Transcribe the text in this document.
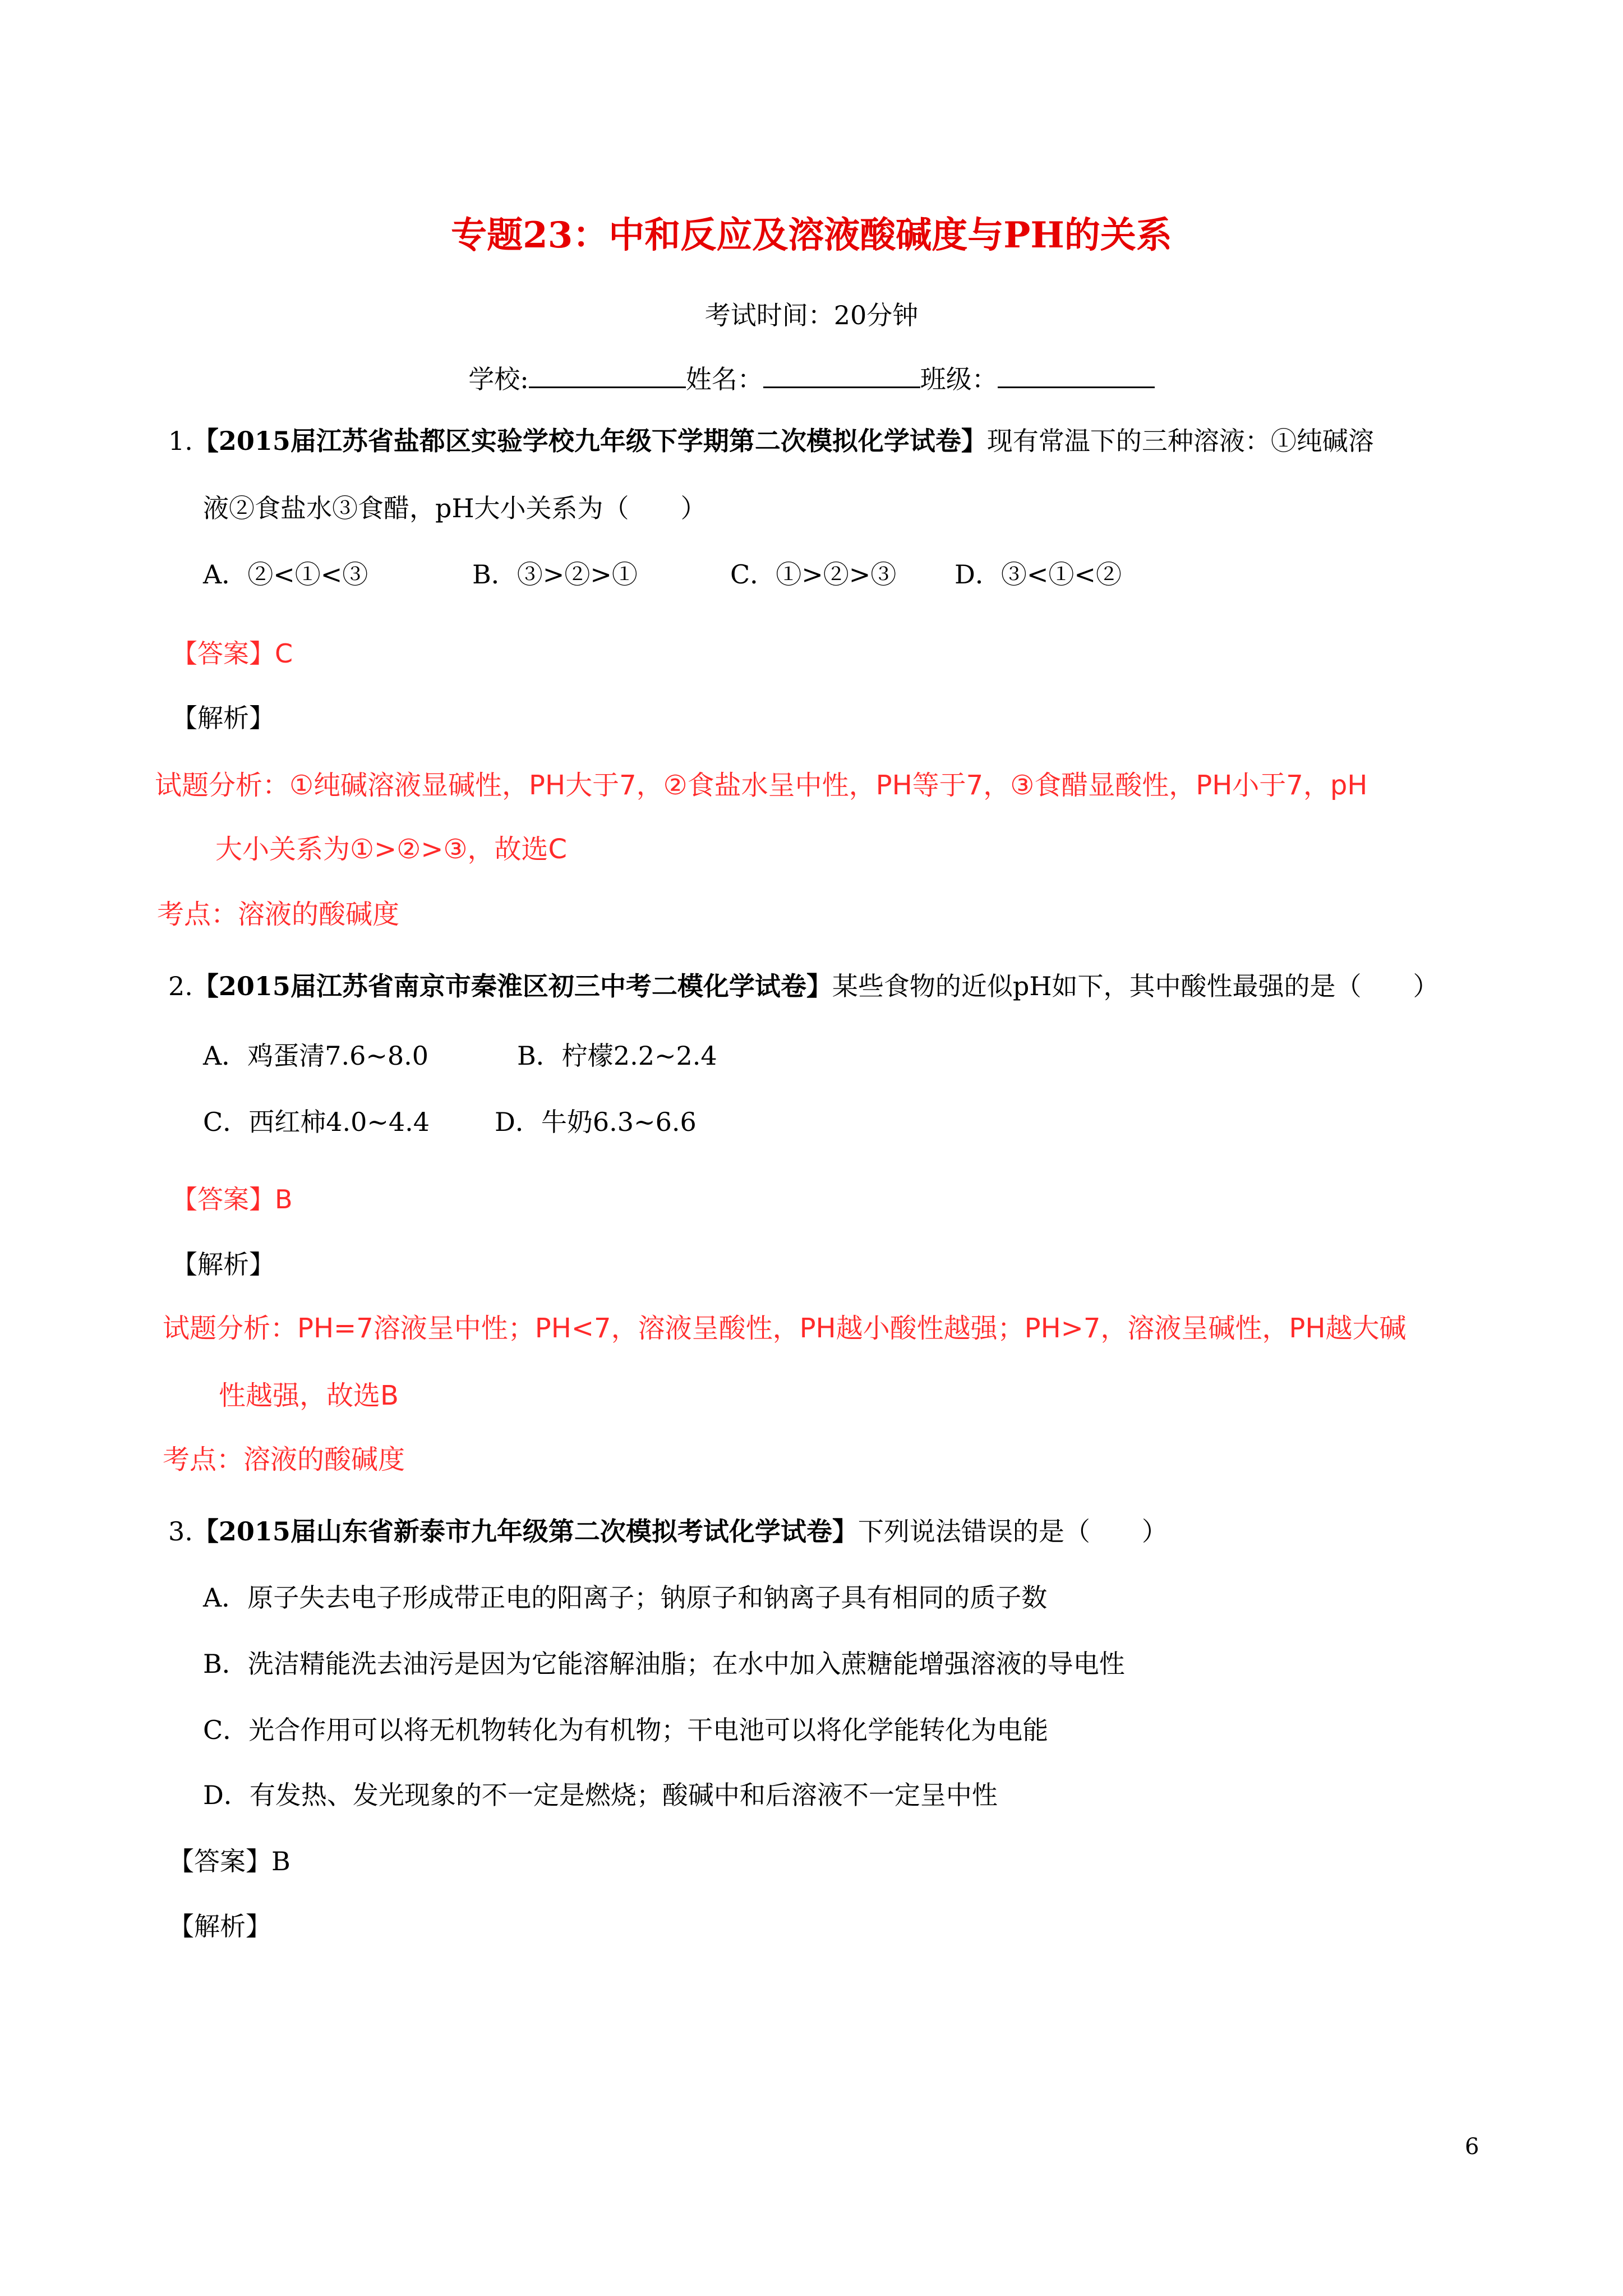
专题23：中和反应及溶液酸碱度与PH的关系
考试时间：20分钟
学校:	姓名：	班级：
1.【2015届江苏省盐都区实验学校九年级下学期第二次模拟化学试卷】现有常温下的三种溶液：①纯碱溶
液②食盐水③食醋，pH大小关系为（　　）
A．②<①<③	B．③>②>①	C．①>②>③ D．③<①<②
【答案】C
【解析】
试题分析：①纯碱溶液显碱性，PH大于7，②食盐水呈中性，PH等于7，③食醋显酸性，PH小于7，pH
大小关系为①>②>③，故选C
考点：溶液的酸碱度
2.【2015届江苏省南京市秦淮区初三中考二模化学试卷】某些食物的近似pH如下，其中酸性最强的是（　　）
A．鸡蛋清7.6~8.0	B．柠檬2.2~2.4
C．西红柿4.0~4.4	D．牛奶6.3~6.6
【答案】B
【解析】
试题分析：PH=7溶液呈中性；PH<7，溶液呈酸性，PH越小酸性越强；PH>7，溶液呈碱性，PH越大碱
性越强，故选B
考点：溶液的酸碱度
3.【2015届山东省新泰市九年级第二次模拟考试化学试卷】下列说法错误的是（　　）
A．原子失去电子形成带正电的阳离子；钠原子和钠离子具有相同的质子数
B．洗洁精能洗去油污是因为它能溶解油脂；在水中加入蔗糖能增强溶液的导电性
C．光合作用可以将无机物转化为有机物；干电池可以将化学能转化为电能
D．有发热、发光现象的不一定是燃烧；酸碱中和后溶液不一定呈中性
【答案】B
【解析】
6
